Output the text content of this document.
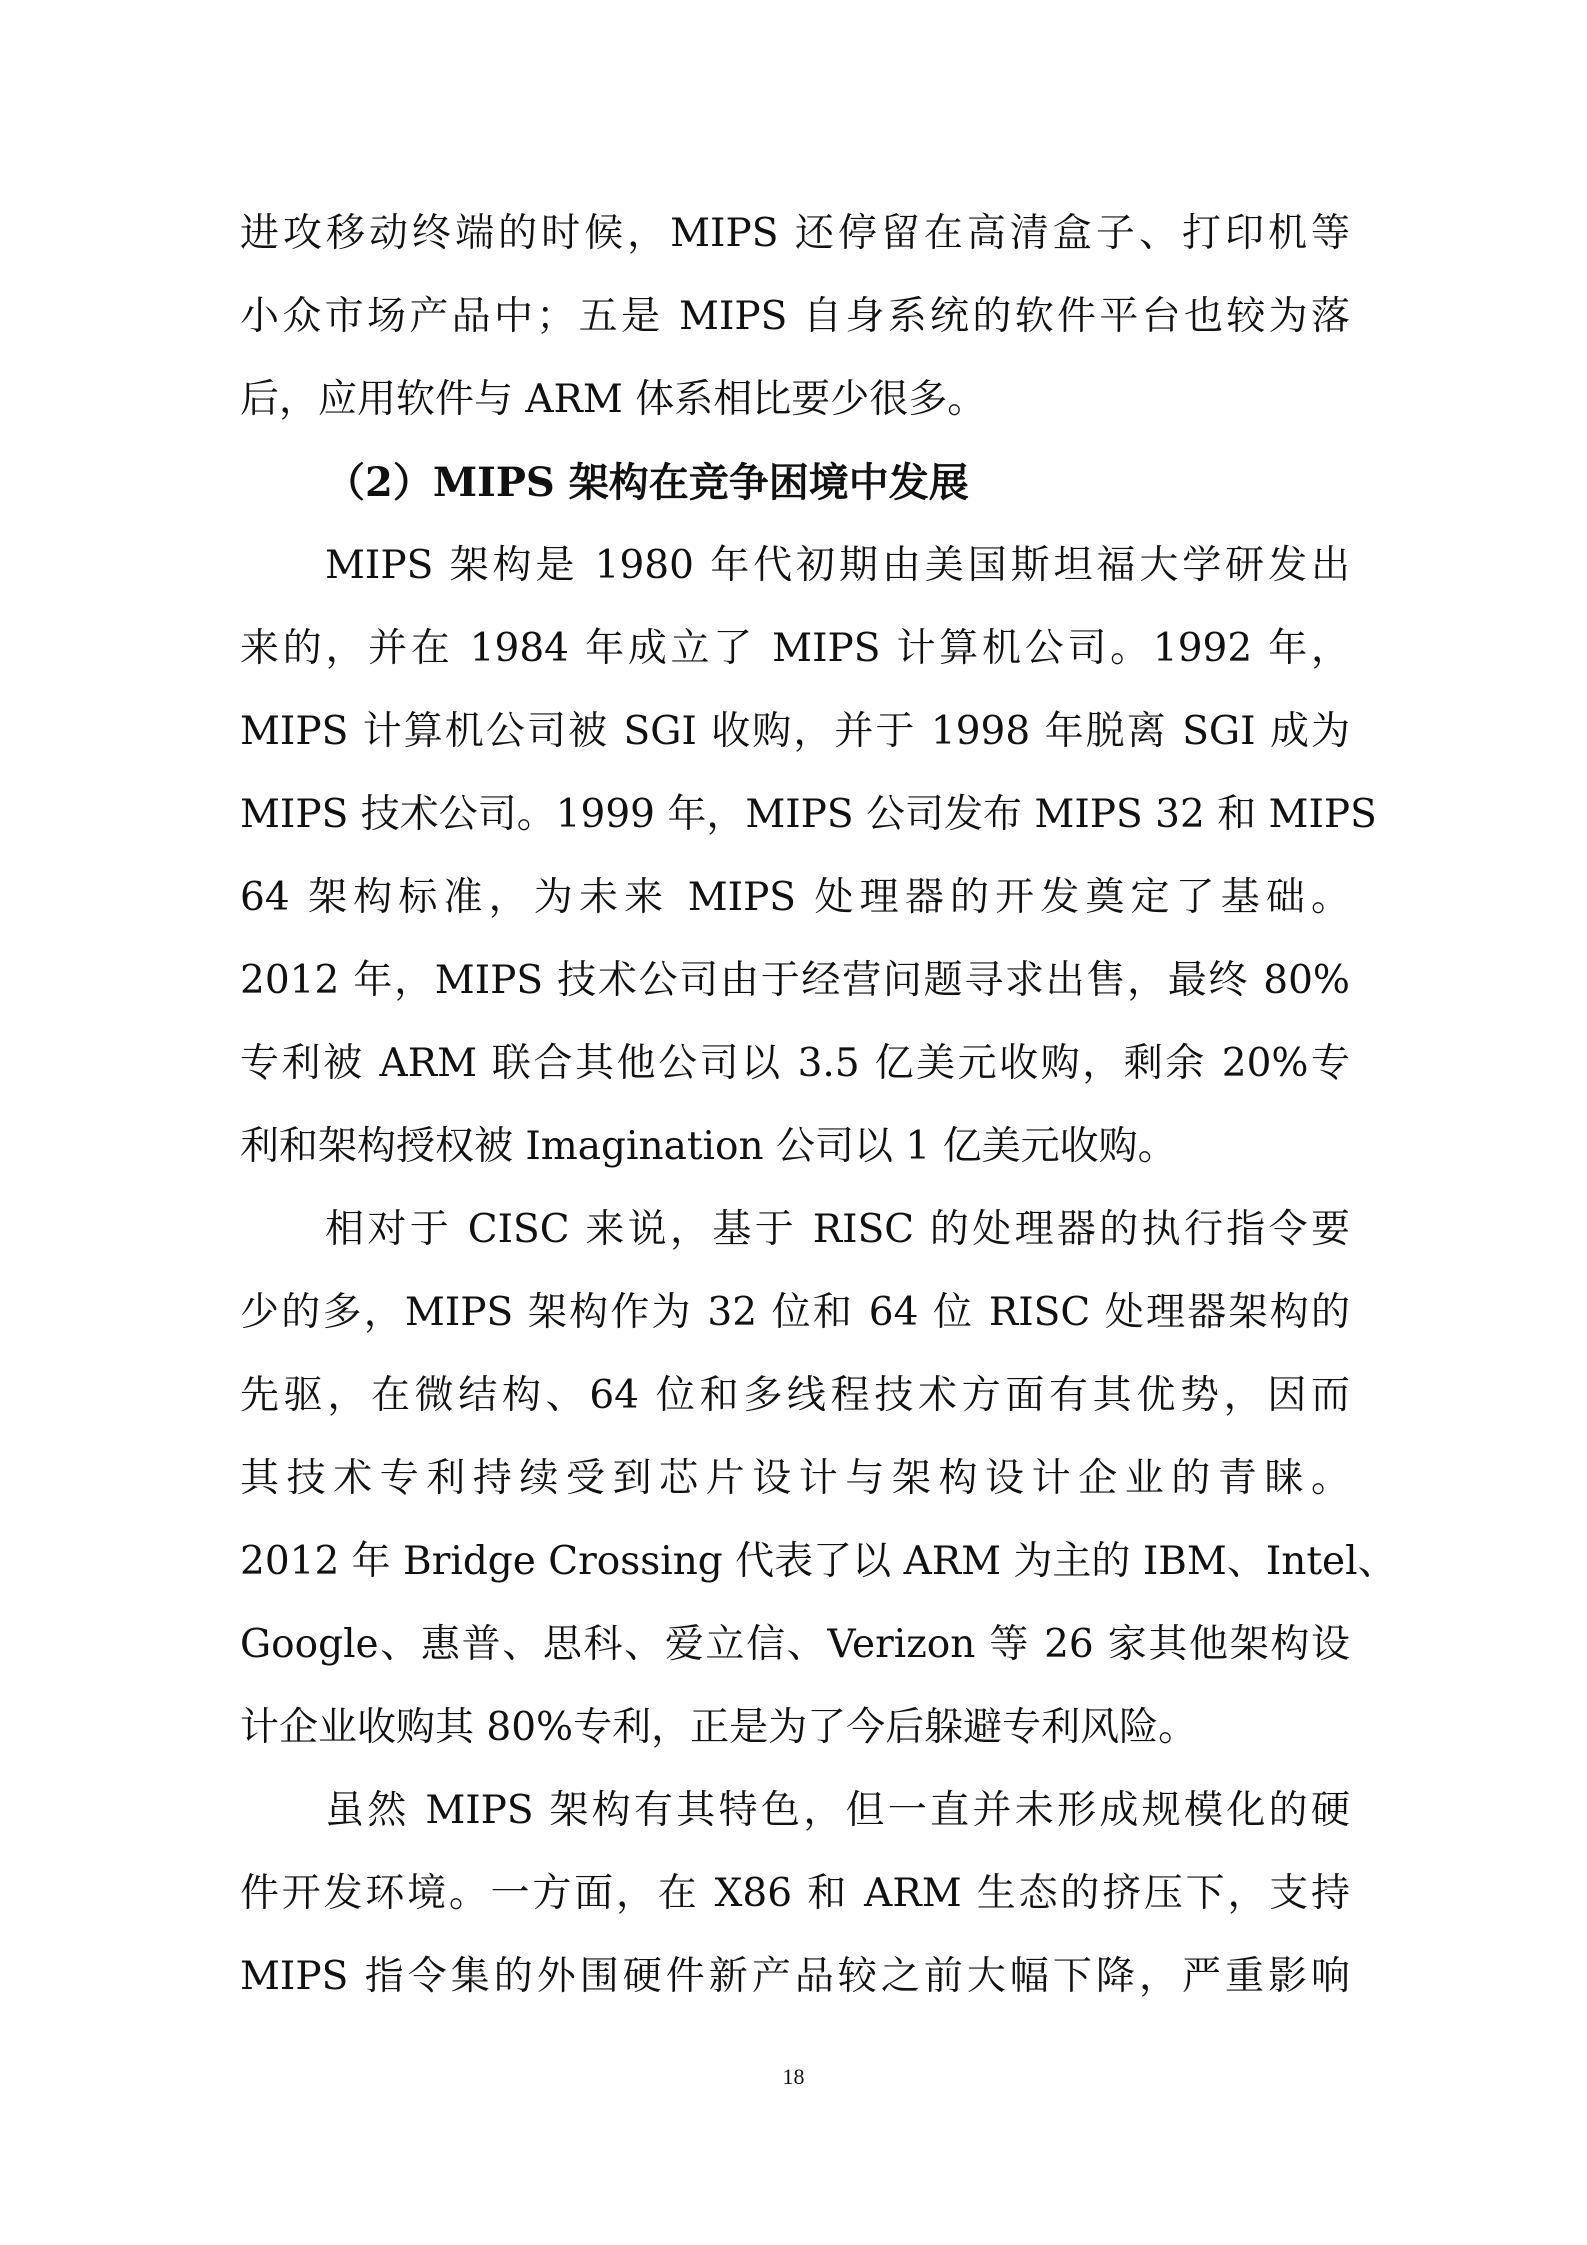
进攻移动终端的时候，MIPS 还停留在高清盒子、打印机等
小众市场产品中；五是 MIPS 自身系统的软件平台也较为落
后，应用软件与 ARM 体系相比要少很多。
（2）MIPS 架构在竞争困境中发展
MIPS 架构是 1980 年代初期由美国斯坦福大学研发出
来的，并在 1984 年成立了 MIPS 计算机公司。1992 年，
MIPS 计算机公司被 SGI 收购，并于 1998 年脱离 SGI 成为
MIPS 技术公司。1999 年，MIPS 公司发布 MIPS 32 和 MIPS
64 架构标准，为未来 MIPS 处理器的开发奠定了基础。
2012 年，MIPS 技术公司由于经营问题寻求出售，最终 80%
专利被 ARM 联合其他公司以 3.5 亿美元收购，剩余 20%专
利和架构授权被 Imagination 公司以 1 亿美元收购。
相对于 CISC 来说，基于 RISC 的处理器的执行指令要
少的多，MIPS 架构作为 32 位和 64 位 RISC 处理器架构的
先驱，在微结构、64 位和多线程技术方面有其优势，因而
其技术专利持续受到芯片设计与架构设计企业的青睐。
2012 年 Bridge Crossing 代表了以 ARM 为主的 IBM、Intel、
Google、惠普、思科、爱立信、Verizon 等 26 家其他架构设
计企业收购其 80%专利，正是为了今后躲避专利风险。
虽然 MIPS 架构有其特色，但一直并未形成规模化的硬
件开发环境。一方面，在 X86 和 ARM 生态的挤压下，支持
MIPS 指令集的外围硬件新产品较之前大幅下降，严重影响
18
